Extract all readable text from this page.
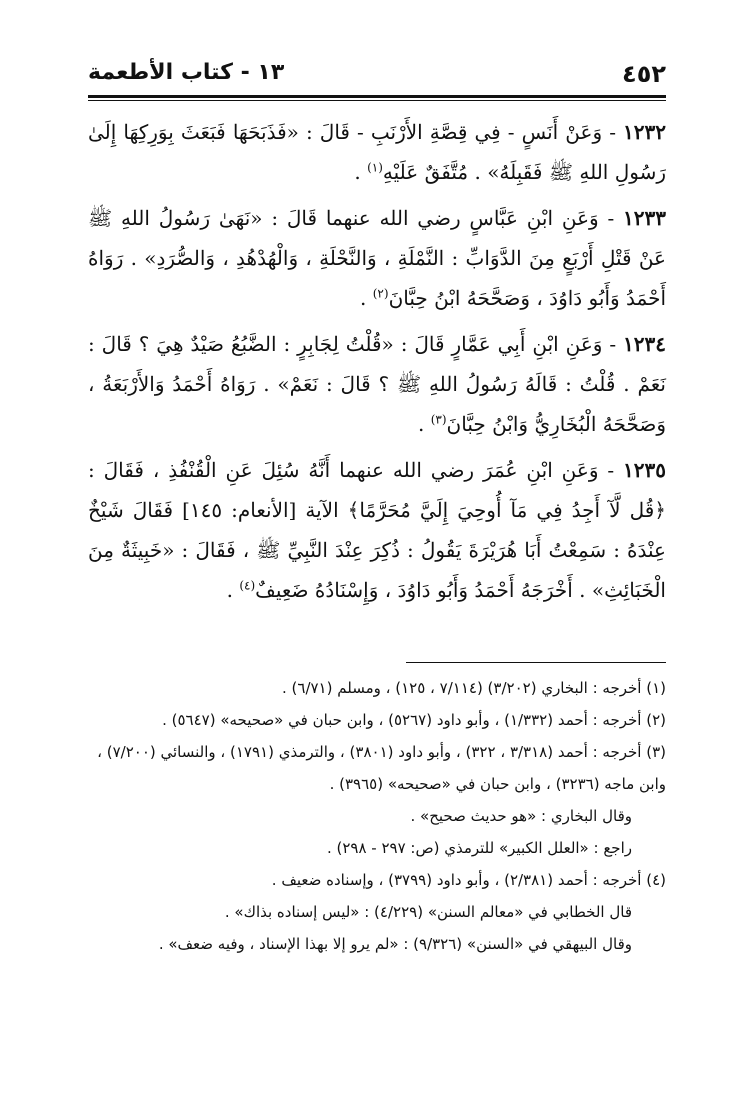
٤٥٢
١٣ - كتاب الأطعمة

١٢٣٢ - وَعَنْ أَنَسٍ - فِي قِصَّةِ الأَرْنَبِ - قَالَ : «فَذَبَحَهَا فَبَعَثَ بِوَرِكِهَا إِلَىٰ رَسُولِ اللهِ ﷺ فَقَبِلَهُ» . مُتَّفَقٌ عَلَيْهِ$^{(١)}$ .

١٢٣٣ - وَعَنِ ابْنِ عَبَّاسٍ رضي الله عنهما قَالَ : «نَهَىٰ رَسُولُ اللهِ ﷺ عَنْ قَتْلِ أَرْبَعٍ مِنَ الدَّوَابِّ : النَّمْلَةِ ، وَالنَّحْلَةِ ، وَالْهُدْهُدِ ، وَالصُّرَدِ» . رَوَاهُ أَحْمَدُ وَأَبُو دَاوُدَ ، وَصَحَّحَهُ ابْنُ حِبَّانَ$^{(٢)}$ .

١٢٣٤ - وَعَنِ ابْنِ أَبِي عَمَّارٍ قَالَ : «قُلْتُ لِجَابِرٍ : الضَّبُعُ صَيْدٌ هِيَ ؟ قَالَ : نَعَمْ . قُلْتُ : قَالَهُ رَسُولُ اللهِ ﷺ ؟ قَالَ : نَعَمْ» . رَوَاهُ أَحْمَدُ وَالأَرْبَعَةُ ، وَصَحَّحَهُ الْبُخَارِيُّ وَابْنُ حِبَّانَ$^{(٣)}$ .

١٢٣٥ - وَعَنِ ابْنِ عُمَرَ رضي الله عنهما أَنَّهُ سُئِلَ عَنِ الْقُنْفُذِ ، فَقَالَ : ﴿قُل لَّآ أَجِدُ فِي مَآ أُوحِيَ إِلَيَّ مُحَرَّمًا﴾ الآية [الأنعام: ١٤٥] فَقَالَ شَيْخٌ عِنْدَهُ : سَمِعْتُ أَبَا هُرَيْرَةَ يَقُولُ : ذُكِرَ عِنْدَ النَّبِيِّ ﷺ ، فَقَالَ : «خَبِيثَةٌ مِنَ الْخَبَائِثِ» . أَخْرَجَهُ أَحْمَدُ وَأَبُو دَاوُدَ ، وَإِسْنَادُهُ ضَعِيفٌ$^{(٤)}$ .

(١) أخرجه : البخاري (٣/٢٠٢) (٧/١١٤ ، ١٢٥) ، ومسلم (٦/٧١) .

(٢) أخرجه : أحمد (١/٣٣٢) ، وأبو داود (٥٢٦٧) ، وابن حبان في «صحيحه» (٥٦٤٧) .

(٣) أخرجه : أحمد (٣/٣١٨ ، ٣٢٢) ، وأبو داود (٣٨٠١) ، والترمذي (١٧٩١) ، والنسائي (٧/٢٠٠) ، وابن ماجه (٣٢٣٦) ، وابن حبان في «صحيحه» (٣٩٦٥) .

وقال البخاري : «هو حديث صحيح» .

راجع : «العلل الكبير» للترمذي (ص: ٢٩٧ - ٢٩٨) .

(٤) أخرجه : أحمد (٢/٣٨١) ، وأبو داود (٣٧٩٩) ، وإسناده ضعيف .

قال الخطابي في «معالم السنن» (٤/٢٢٩) : «ليس إسناده بذاك» .

وقال البيهقي في «السنن» (٩/٣٢٦) : «لم يرو إلا بهذا الإسناد ، وفيه ضعف» .
